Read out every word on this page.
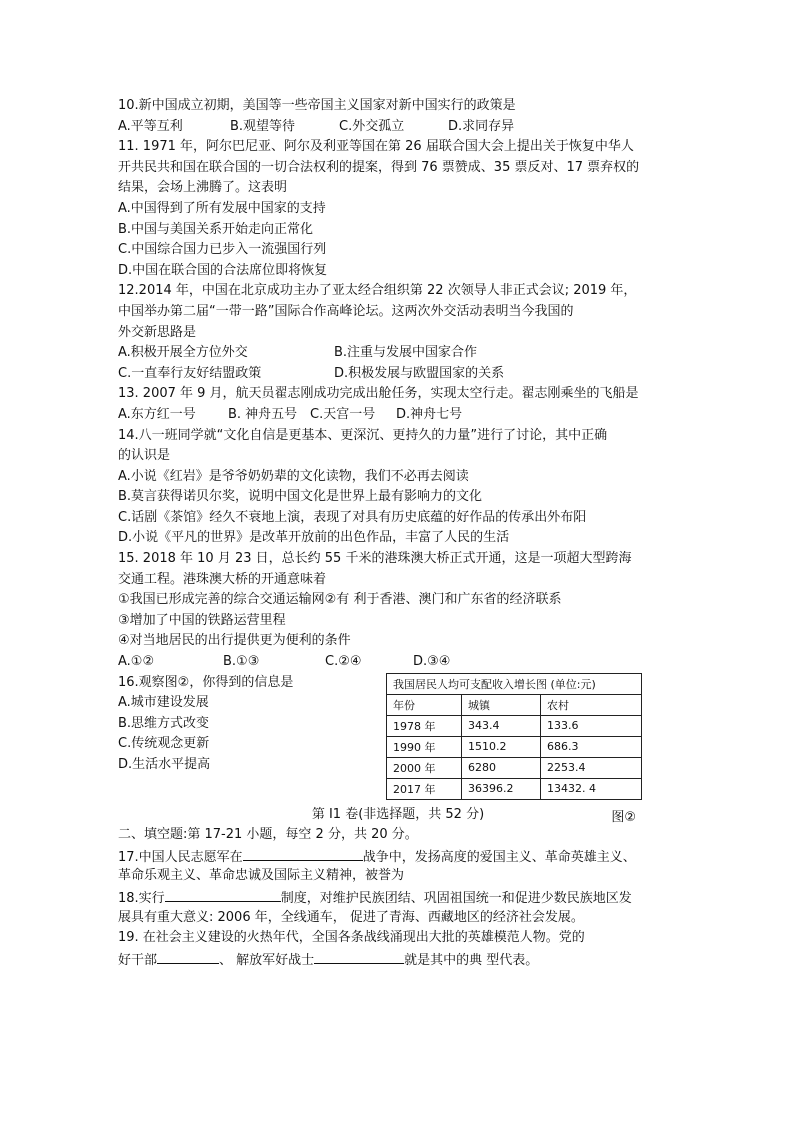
10.新中国成立初期，美国等一些帝国主义国家对新中国实行的政策是
A.平等互利	B.观望等待	C.外交孤立	D.求同存异
11. 1971 年，阿尔巴尼亚、阿尔及利亚等国在第 26 届联合国大会上提出关于恢复中华人
开共民共和国在联合国的一切合法权利的提案，得到 76 票赞成、35 票反对、17 票弃权的
结果，会场上沸腾了。这表明
A.中国得到了所有发展中国家的支持
B.中国与美国关系开始走向正常化
C.中国综合国力已步入一流强国行列
D.中国在联合国的合法席位即将恢复
12.2014 年，中国在北京成功主办了亚太经合组织第 22 次领导人非正式会议; 2019 年，
中国举办第二届“一带一路”国际合作高峰论坛。这两次外交活动表明当今我国的
外交新思路是
A.积极开展全方位外交	B.注重与发展中国家合作
C.一直奉行友好结盟政策	D.积极发展与欧盟国家的关系
13. 2007 年 9 月，航天员翟志刚成功完成出舱任务，实现太空行走。翟志刚乘坐的飞船是
A.东方红一号	B. 神舟五号 C.天宫一号	D.神舟七号
14.八一班同学就“文化自信是更基本、更深沉、更持久的力量”进行了讨论，其中正确
的认识是
A.小说《红岩》是爷爷奶奶辈的文化读物，我们不必再去阅读
B.莫言获得诺贝尔奖，说明中国文化是世界上最有影响力的文化
C.话剧《茶馆》经久不衰地上演，表现了对具有历史底蕴的好作品的传承出外布阳
D.小说《平凡的世界》是改革开放前的出色作品，丰富了人民的生活
15. 2018 年 10 月 23 日，总长约 55 千米的港珠澳大桥正式开通，这是一项超大型跨海
交通工程。港珠澳大桥的开通意味着
①我国已形成完善的综合交通运输网②有 利于香港、澳门和广东省的经济联系
③增加了中国的铁路运营里程
④对当地居民的出行提供更为便利的条件
A.①②	B.①③	C.②④	D.③④
16.观察图②，你得到的信息是
A.城市建设发展
B.思维方式改变
C.传统观念更新
D.生活水平提高
我国居民人均可支配收入增长图 (单位:元)		
年份	城镇	农村
1978 年	343.4	133.6
1990 年	1510.2	686.3
2000 年	6280	2253.4
2017 年	36396.2	13432. 4
图②
第 I1 卷(非选择题，共 52 分)
二、填空题:第 17-21 小题，每空 2 分，共 20 分。
17.中国人民志愿军在	战争中，发扬高度的爱国主义、革命英雄主义、
革命乐观主义、革命忠诚及国际主义精神，被誉为
18.实行	制度，对维护民族团结、巩固祖国统一和促进少数民族地区发
展具有重大意义: 2006 年，全线通车， 促进了青海、西藏地区的经济社会发展。
19. 在社会主义建设的火热年代，全国各条战线涌现出大批的英雄模范人物。党的
好干部	、 解放军好战士	就是其中的典 型代表。
